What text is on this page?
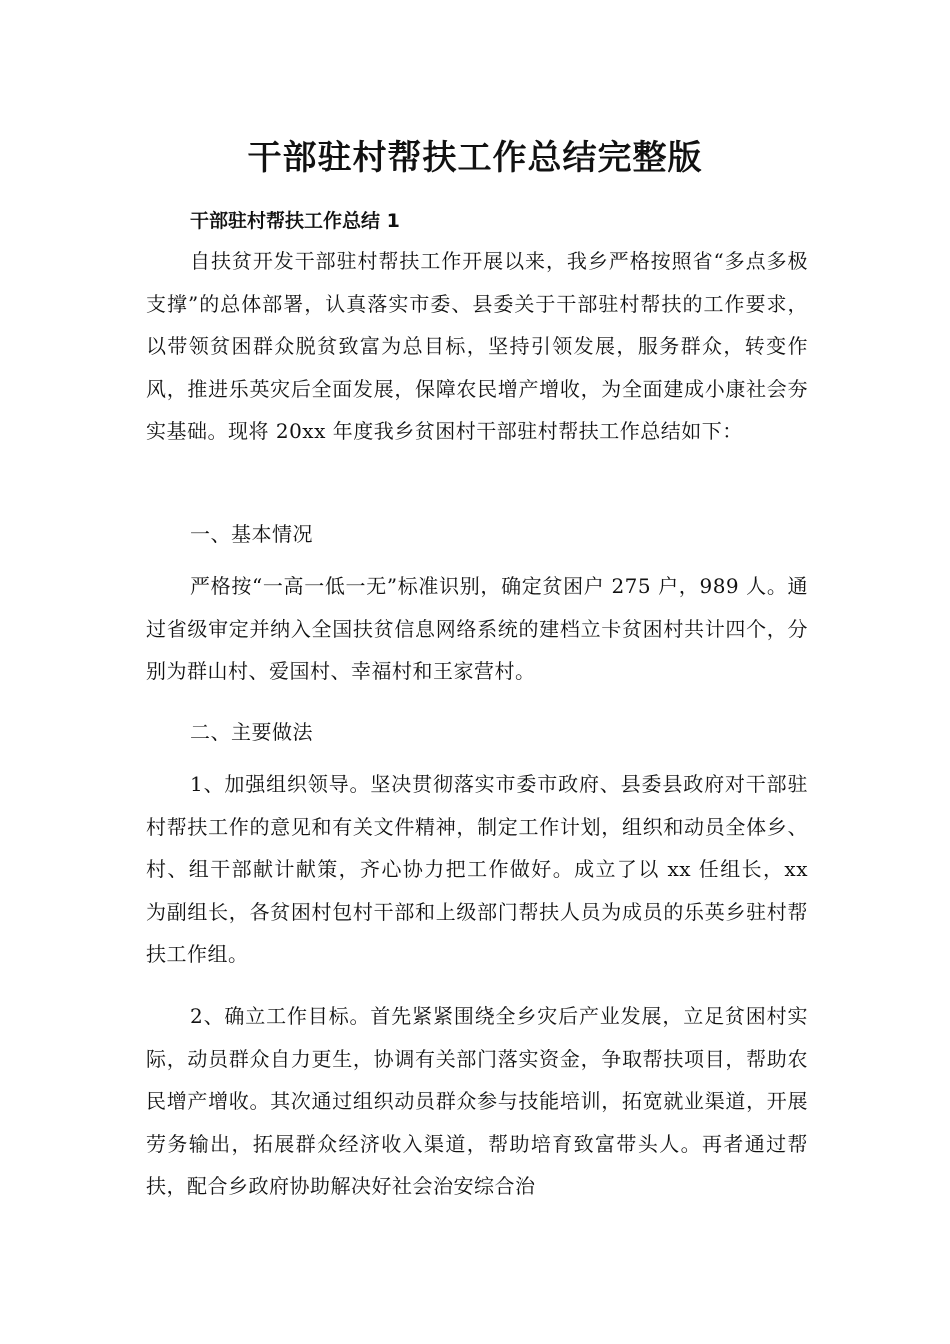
干部驻村帮扶工作总结完整版
干部驻村帮扶工作总结 1

自扶贫开发干部驻村帮扶工作开展以来，我乡严格按照省“多点多极支撑”的总体部署，认真落实市委、县委关于干部驻村帮扶的工作要求，以带领贫困群众脱贫致富为总目标，坚持引领发展，服务群众，转变作风，推进乐英灾后全面发展，保障农民增产增收，为全面建成小康社会夯实基础。现将 20xx 年度我乡贫困村干部驻村帮扶工作总结如下：

一、基本情况

严格按“一高一低一无”标准识别，确定贫困户 275 户，989 人。通过省级审定并纳入全国扶贫信息网络系统的建档立卡贫困村共计四个，分别为群山村、爱国村、幸福村和王家营村。

二、主要做法

1、加强组织领导。坚决贯彻落实市委市政府、县委县政府对干部驻村帮扶工作的意见和有关文件精神，制定工作计划，组织和动员全体乡、村、组干部献计献策，齐心协力把工作做好。成立了以 xx 任组长，xx 为副组长，各贫困村包村干部和上级部门帮扶人员为成员的乐英乡驻村帮扶工作组。

2、确立工作目标。首先紧紧围绕全乡灾后产业发展，立足贫困村实际，动员群众自力更生，协调有关部门落实资金，争取帮扶项目，帮助农民增产增收。其次通过组织动员群众参与技能培训，拓宽就业渠道，开展劳务输出，拓展群众经济收入渠道，帮助培育致富带头人。再者通过帮扶，配合乡政府协助解决好社会治安综合治
